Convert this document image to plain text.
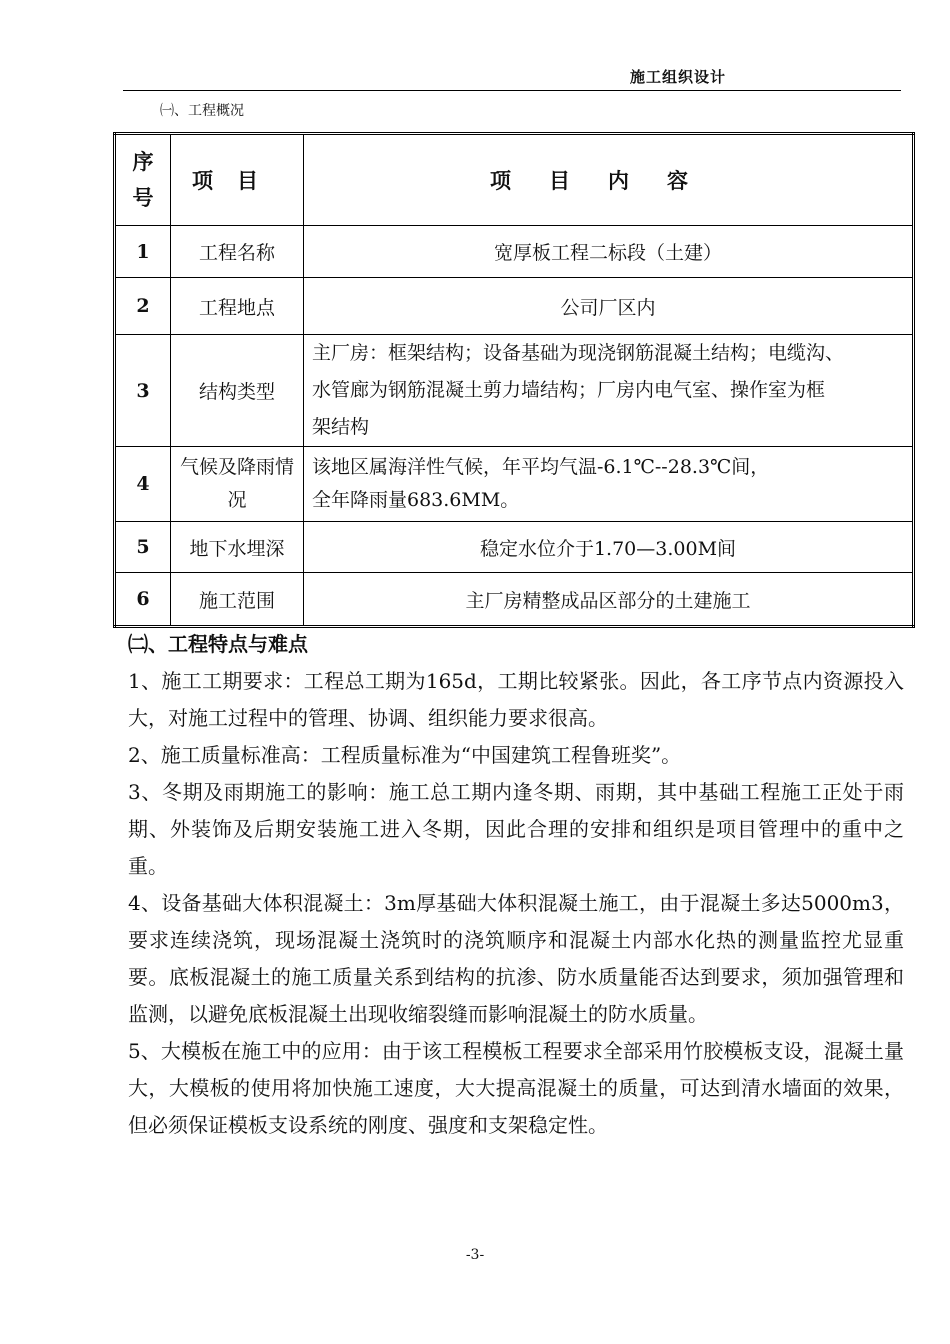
施工组织设计
㈠、工程概况
序号	项目	项目内容
1	工程名称	宽厚板工程二标段（土建）
2	工程地点	公司厂区内
3	结构类型	主厂房：框架结构；设备基础为现浇钢筋混凝土结构；电缆沟、
水管廊为钢筋混凝土剪力墙结构；厂房内电气室、操作室为框
架结构

4	气候及降雨情况	该地区属海洋性气候，年平均气温-6.1℃--28.3℃间，
全年降雨量683.6MM。

5	地下水埋深	稳定水位介于1.70—3.00M间
6	施工范围	主厂房精整成品区部分的土建施工

㈡、工程特点与难点

1、施工工期要求：工程总工期为165d，工期比较紧张。因此，各工序节点内资源投入大，对施工过程中的管理、协调、组织能力要求很高。

2、施工质量标准高：工程质量标准为“中国建筑工程鲁班奖”。

3、冬期及雨期施工的影响：施工总工期内逢冬期、雨期，其中基础工程施工正处于雨期、外装饰及后期安装施工进入冬期，因此合理的安排和组织是项目管理中的重中之重。

4、设备基础大体积混凝土：3m厚基础大体积混凝土施工，由于混凝土多达5000m3，要求连续浇筑，现场混凝土浇筑时的浇筑顺序和混凝土内部水化热的测量监控尤显重要。底板混凝土的施工质量关系到结构的抗渗、防水质量能否达到要求，须加强管理和监测，以避免底板混凝土出现收缩裂缝而影响混凝土的防水质量。

5、大模板在施工中的应用：由于该工程模板工程要求全部采用竹胶模板支设，混凝土量大，大模板的使用将加快施工速度，大大提高混凝土的质量，可达到清水墙面的效果，但必须保证模板支设系统的刚度、强度和支架稳定性。

-3-
